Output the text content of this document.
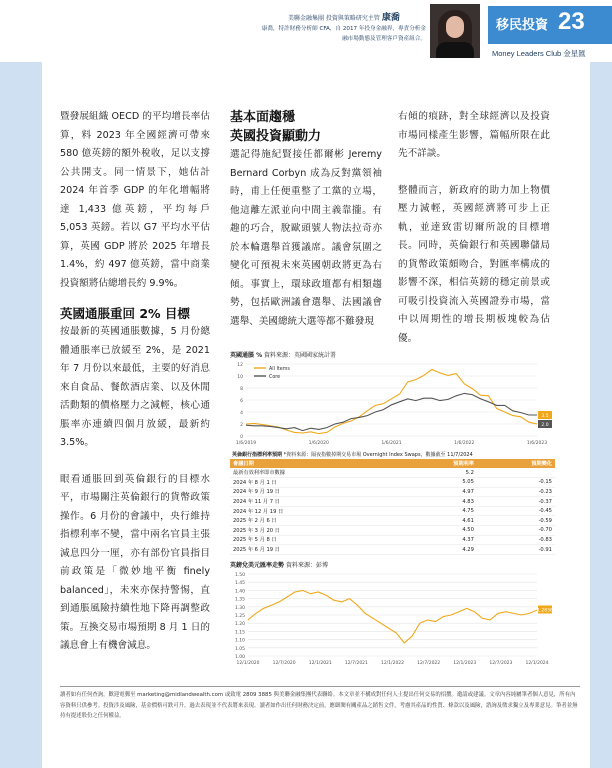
美聯金融集團 投資與策略研究主管 康喬
康喬，特許財務分析師 CFA，自 2017 年投身金融界，專責分析金融市場動態及管理客戶資產組合。
移民投資 23
Money Leaders Club 金星匯

暨發展組織 OECD 的平均增長率估算，料 2023 年全國經濟可帶來 580 億英鎊的額外稅收，足以支撐公共開支。同一情景下，她估計 2024 年首季 GDP 的年化增幅將達 1,433 億英鎊，平均每戶 5,053 英鎊。若以 G7 平均水平估算，英國 GDP 將於 2025 年增長 1.4%，約 497 億英鎊，當中商業投資額將佔總增長約 9.9%。

英國通脹重回 2% 目標

按最新的英國通脹數據，5 月份總體通脹率已放緩至 2%，是 2021 年 7 月份以來最低，主要的好消息來自食品、餐飲酒店業、以及休閒活動類的價格壓力之減輕，核心通脹率亦連續四個月放緩，最新約 3.5%。

眼看通脹回到英倫銀行的目標水平，市場關注英倫銀行的貨幣政策操作。6 月份的會議中，央行維持指標利率不變，當中兩名官員主張減息四分一厘，亦有部份官員指目前政策是「微妙地平衡 finely balanced」，未來亦保持警惕，直到通脹風險持續性地下降再調整政策。互換交易市場預期 8 月 1 日的議息會上有機會減息。

基本面趨穩
英國投資顯動力

選記得施紀賢接任都爾彬 Jeremy Bernard Corbyn 成為反對黨領袖時，甫上任便重整了工黨的立場，他這離左派並向中間主義靠攏。有趣的巧合，脫歐頭號人物法拉奇亦於本輪選舉首獲議席。議會氛圍之變化可預視未來英國朝政將更為右傾。事實上，環球政壇都有相類趨勢，包括歐洲議會選舉、法國議會選舉、美國總統大選等都不難發現

右傾的痕跡，對全球經濟以及投資市場同樣產生影響，篇幅所限在此先不詳談。

整體而言，新政府的助力加上物價壓力減輕，英國經濟將可步上正軌，並達致雷切爾所說的目標增長。同時，英倫銀行和英國聯儲局的貨幣政策頗吻合，對匯率構成的影響不深，相信英鎊的穩定前景或可吸引投資流入英國證券市場，當中以周期性的增長期板塊較為佔優。

英國通脹 % 資料來源：英國國家統計署
12
10
8
6
4
2
0
1/6/2019	1/6/2020	1/6/2021	1/6/2022	1/6/2023
3.5
2.0
All Items
Core
英倫銀行指標利率預期 *資料來源：隔夜指數掉期交易市場 Overnight Index Swaps，數據截至 11/7/2024
會議日期	預期利率	預期變化
最新有效利率即市數據	5.2	
2024 年 8 月 1 日	5.05	-0.15
2024 年 9 月 19 日	4.97	-0.23
2024 年 11 月 7 日	4.83	-0.37
2024 年 12 月 19 日	4.75	-0.45
2025 年 2 月 6 日	4.61	-0.59
2025 年 3 月 20 日	4.50	-0.70
2025 年 5 月 8 日	4.37	-0.83
2025 年 6 月 19 日	4.29	-0.91
英鎊兌美元匯率走勢 資料來源：彭博
1.50
1.45
1.40
1.35
1.30
1.25
1.20
1.15
1.10
1.05
1.00
12/1/2020	12/7/2020	12/1/2021	12/7/2021	12/1/2022	12/7/2022	12/1/2023	12/7/2023	12/1/2024
1.2836
讀者如有任何查詢，歡迎電郵至 marketing@midlandwealth.com 或致電 2809 3885 與美聯金融集團代表聯絡。本文章並不構成對任何人士提出任何交易的招攬。邀請或建議。文章內容純屬筆者個人意見，所有內容資料只供參考。投資涉及風險，基金價格可跌可升。過去表現並不代表將來表現。讀者如作出任何財務決定前，應細閱有關產品之銷售文件，考慮其產品的性質、條款以及風險，諮詢及徵求獨立及專業意見。筆者並無持有提述股份之任何權益。
